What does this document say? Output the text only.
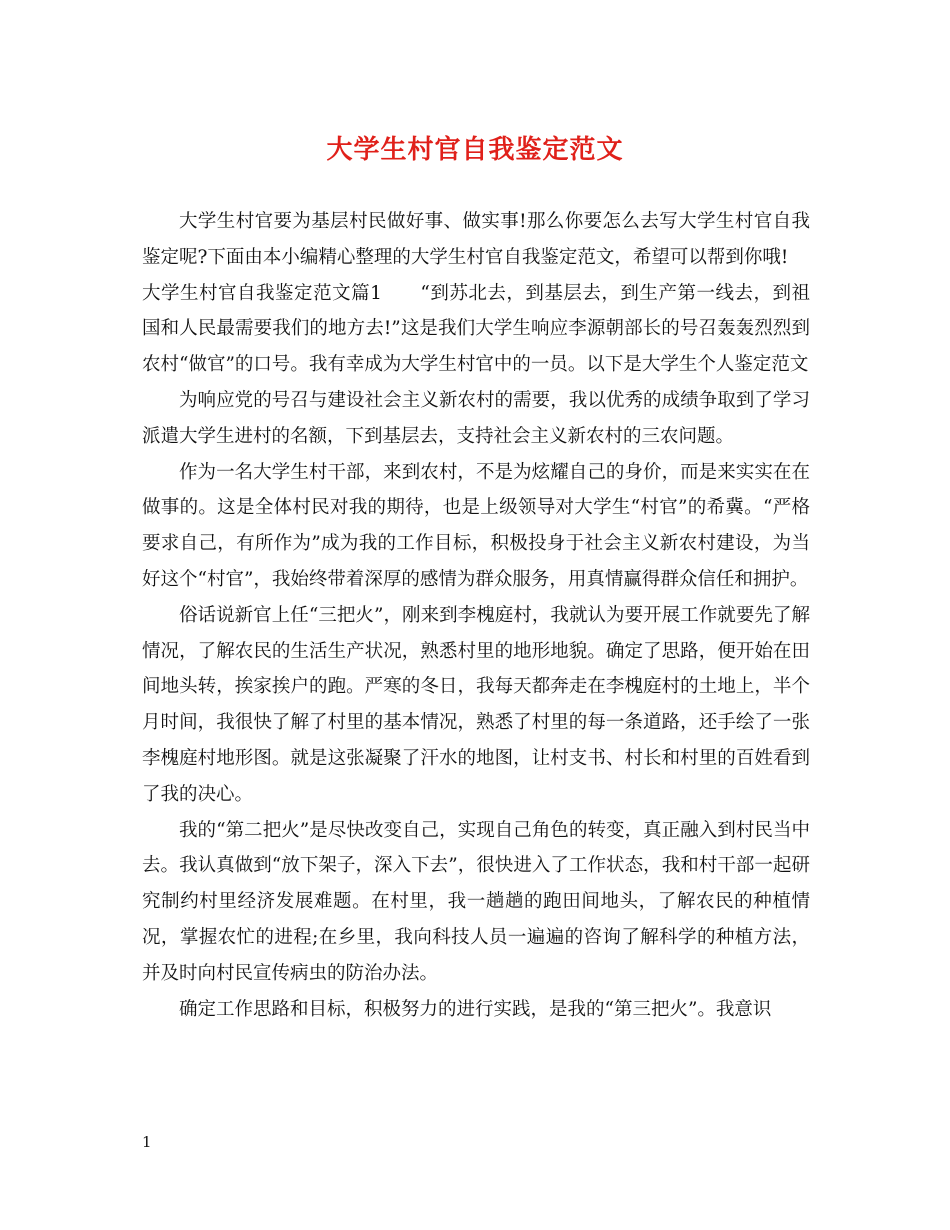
大学生村官自我鉴定范文

大学生村官要为基层村民做好事、做实事!那么你要怎么去写大学生村官自我鉴定呢?下面由本小编精心整理的大学生村官自我鉴定范文，希望可以帮到你哦!

大学生村官自我鉴定范文篇1　　“到苏北去，到基层去，到生产第一线去，到祖国和人民最需要我们的地方去!”这是我们大学生响应李源朝部长的号召轰轰烈烈到农村“做官”的口号。我有幸成为大学生村官中的一员。以下是大学生个人鉴定范文

为响应党的号召与建设社会主义新农村的需要，我以优秀的成绩争取到了学习派遣大学生进村的名额，下到基层去，支持社会主义新农村的三农问题。

作为一名大学生村干部，来到农村，不是为炫耀自己的身价，而是来实实在在做事的。这是全体村民对我的期待，也是上级领导对大学生“村官”的希冀。“严格要求自己，有所作为”成为我的工作目标，积极投身于社会主义新农村建设，为当好这个“村官”，我始终带着深厚的感情为群众服务，用真情赢得群众信任和拥护。

俗话说新官上任“三把火”，刚来到李槐庭村，我就认为要开展工作就要先了解情况，了解农民的生活生产状况，熟悉村里的地形地貌。确定了思路，便开始在田间地头转，挨家挨户的跑。严寒的冬日，我每天都奔走在李槐庭村的土地上，半个月时间，我很快了解了村里的基本情况，熟悉了村里的每一条道路，还手绘了一张李槐庭村地形图。就是这张凝聚了汗水的地图，让村支书、村长和村里的百姓看到了我的决心。

我的“第二把火”是尽快改变自己，实现自己角色的转变，真正融入到村民当中去。我认真做到“放下架子，深入下去”，很快进入了工作状态，我和村干部一起研究制约村里经济发展难题。在村里，我一趟趟的跑田间地头，了解农民的种植情况，掌握农忙的进程;在乡里，我向科技人员一遍遍的咨询了解科学的种植方法，并及时向村民宣传病虫的防治办法。

确定工作思路和目标，积极努力的进行实践，是我的“第三把火”。我意识

1
